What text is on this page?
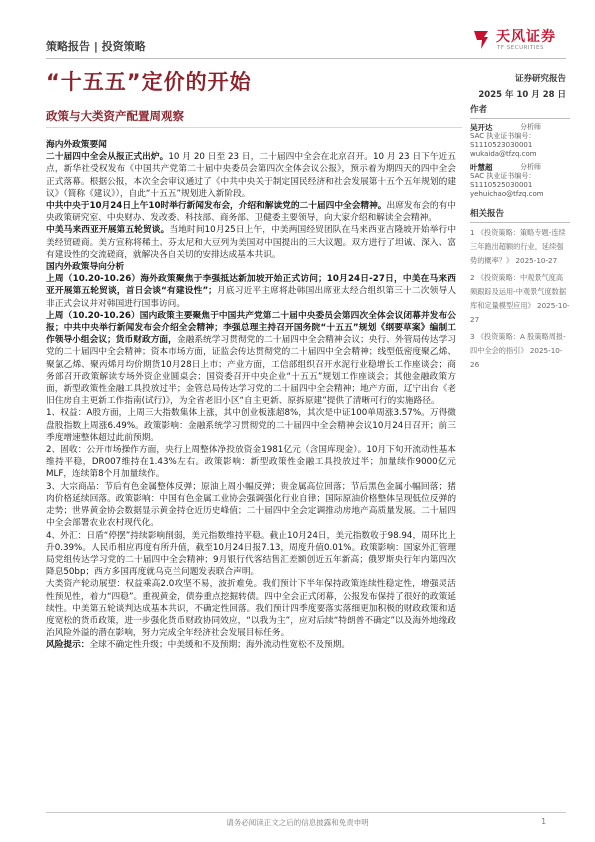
策略报告 | 投资策略
天风证券
TF SECURITIES
“十五五”定价的开始	证券研究报告
2025 年 10 月 28 日
政策与大类资产配置周观察

海内外政策要闻

二十届四中全会从报正式出炉。10 月 20 日至 23 日，二十届四中全会在北京召开。10 月 23 日下午近五点，新华社受权发布《中国共产党第二十届中央委员会第四次全体会议公报》，预示着为期四天的四中全会正式落幕。根据公报，本次全会审议通过了《中共中央关于制定国民经济和社会发展第十五个五年规划的建议》（简称《建议》），自此“十五五”规划进入新阶段。

中共中央于10月24日上午10时举行新闻发布会，介绍和解读党的二十届四中全会精神。出席发布会的有中央政策研究室、中央财办、发改委、科技部、商务部、卫健委主要领导，向大家介绍和解读全会精神。

中美马来西亚开展第五轮贸谈。当地时间10月25日上午，中美两国经贸团队在马来西亚吉隆坡开始举行中美经贸磋商。美方宣称将稀土、芬太尼和大豆列为美国对中国提出的三大议题。双方进行了坦诚、深入、富有建设性的交流磋商，就解决各自关切的安排达成基本共识。

国内外政策导向分析

上周（10.20-10.26）海外政策聚焦于李强抵达新加坡开始正式访问；10月24日-27日，中美在马来西亚开展第五轮贸谈，首日会谈“有建设性”；月底习近平主席将赴韩国出席亚太经合组织第三十二次领导人非正式会议并对韩国进行国事访问。

上周（10.20-10.26）国内政策主要聚焦于中国共产党第二十届中央委员会第四次全体会议闭幕并发布公报；中共中央举行新闻发布会介绍全会精神；李强总理主持召开国务院“十五五”规划《纲要草案》编制工作领导小组会议；货币财政方面，金融系统学习贯彻党的二十届四中全会精神会议；央行、外管局传达学习党的二十届四中全会精神；资本市场方面，证监会传达贯彻党的二十届四中全会精神；线型低密度聚乙烯、聚氯乙烯、聚丙烯月均价期货10月28日上市；产业方面，工信部组织召开水泥行业稳增长工作座谈会；商务部召开政策解读专场外资企业圆桌会；国资委召开中央企业“十五五”规划工作座谈会；其他金融政策方面，新型政策性金融工具投放过半；金管总局传达学习党的二十届四中全会精神；地产方面，辽宁出台《老旧住房自主更新工作指南(试行)》，为全省老旧小区“自主更新、原拆原建”提供了清晰可行的实施路径。

1、权益：A股方面，上周三大指数集体上涨，其中创业板涨超8%，其次是中证100单周涨3.57%。万得微盘股指数上周涨6.49%。政策影响：金融系统学习贯彻党的二十届四中全会精神会议10月24日召开；前三季度增速整体超过此前预期。

2、固收：公开市场操作方面，央行上周整体净投放资金1981亿元（含国库现金）。10月下旬开流动性基本维持平稳，DR007维持在1.43%左右。政策影响：新型政策性金融工具投放过半；加量续作9000亿元MLF，连续第8个月加量续作。

3、大宗商品：节后有色金属整体反弹；原油上周小幅反弹；贵金属高位回落；节后黑色金属小幅回落；猪肉价格延续回落。政策影响：中国有色金属工业协会强调强化行业自律；国际原油价格整体呈现低位反弹的走势；世界黄金协会数据显示黄金持仓近历史峰值；二十届四中全会定调推动房地产高质量发展。二十届四中全会部署农业农村现代化。

4、外汇：日盾“停摆”持续影响削弱，美元指数维持平稳。截止10月24日，美元指数收于98.94，周环比上升0.39%。人民币相应再度有所升值，截至10月24日报7.13，周度升值0.01%。政策影响：国家外汇管理局党组传达学习党的二十届四中全会精神；9月银行代客结售汇差额创近五年新高；俄罗斯央行年内第四次降息50bp；西方多国再度就乌克兰问题发表联合声明。

大类资产轮动展望：权益乘高2.0攻坚不易，波折难免。我们预计下半年保持政策连续性稳定性，增强灵活性预见性，着力“四稳”。重视黄金，债券重点挖掘转债。四中全会正式闭幕，公报发布保持了很好的政策延续性。中美第五轮谈判达成基本共识，不确定性回落。我们预计四季度要落实落细更加积极的财政政策和适度宽松的货币政策，进一步强化货币财政协同效应，“以我为主”，应对后续“特朗普不确定”以及海外地缘政治风险外溢的潜在影响，努力完成全年经济社会发展目标任务。

风险提示：全球不确定性升级；中美缓和不及预期；海外流动性宽松不及预期。

作者
吴开达	分析师
SAC 执业证书编号：S1110523030001
wukaida@tfzq.com
叶慧超	分析师
SAC 执业证书编号：S1110525030001
yehuichao@tfzq.com
相关报告
1 《投资策略：策略专题-连续三年跑出超额的行业，延续强势的概率？》 2025-10-27
2 《投资策略：中观景气度高频跟踪及运用-中观景气度数据库和定量模型应用》 2025-10-27
3 《投资策略：A 股策略周报-四中全会的指引》 2025-10-26
请务必阅读正文之后的信息披露和免责申明	1
